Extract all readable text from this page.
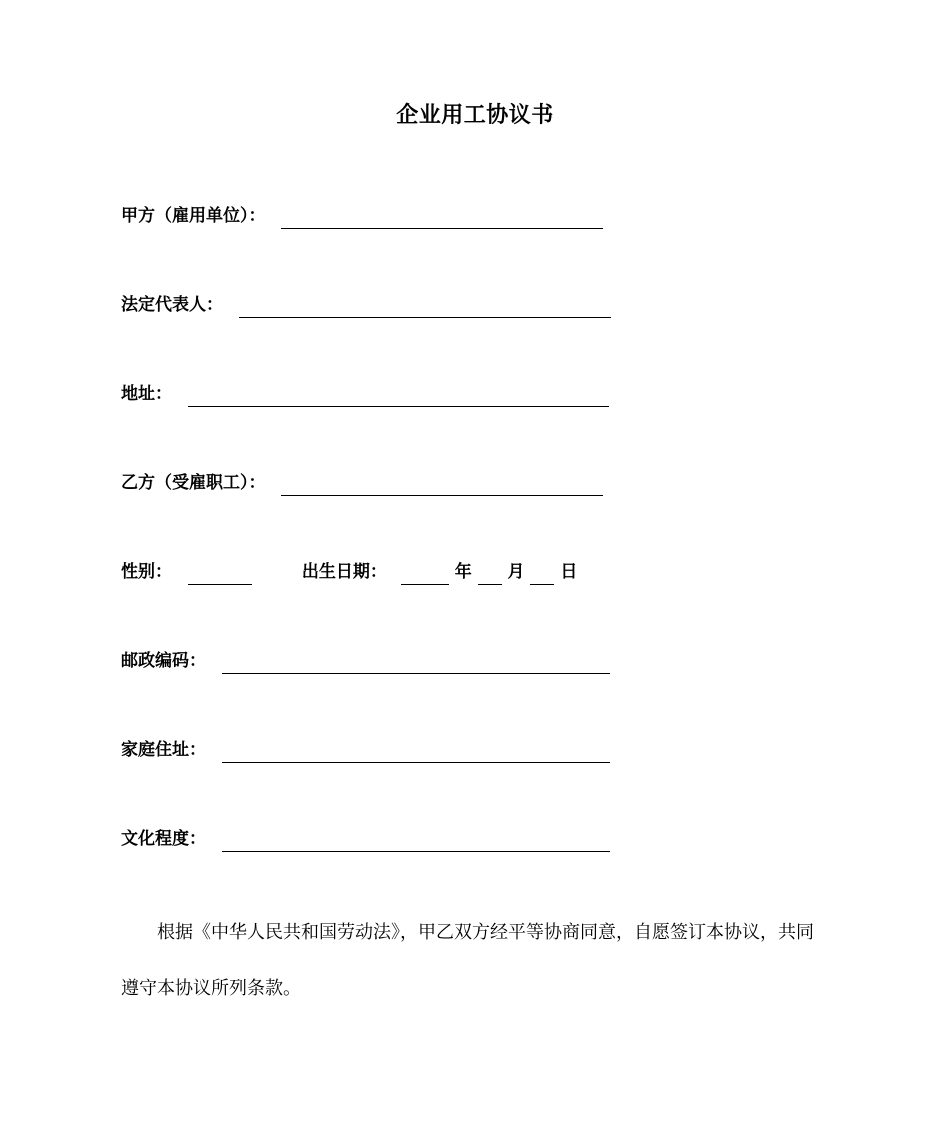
企业用工协议书
甲方（雇用单位）：
法定代表人：
地址：
乙方（受雇职工）：
性别：	出生日期：	年 月 日
邮政编码：
家庭住址：
文化程度：
根据《中华人民共和国劳动法》，甲乙双方经平等协商同意，自愿签订本协议，共同
遵守本协议所列条款。
